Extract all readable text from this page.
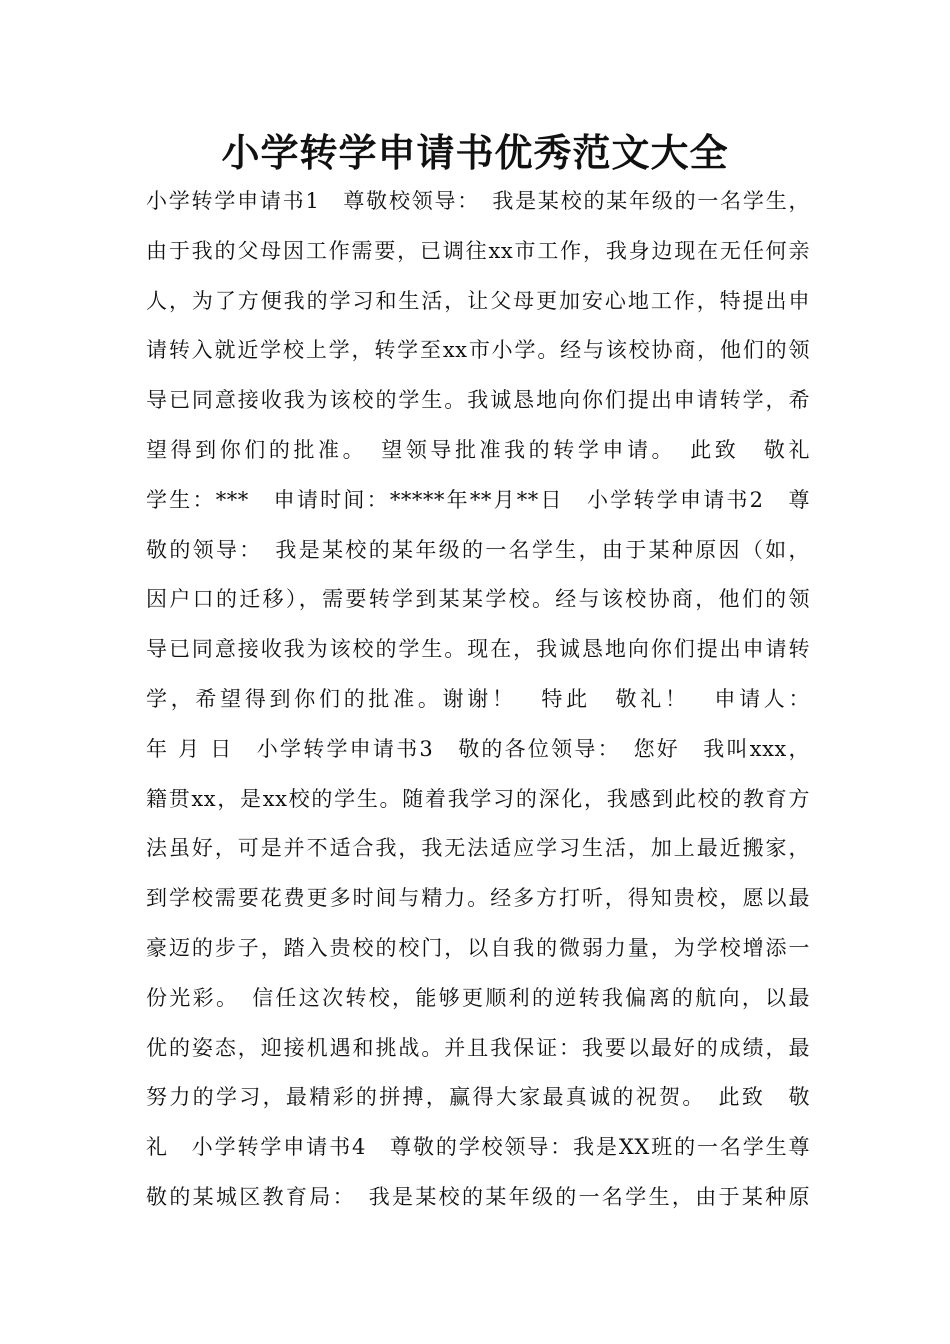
小学转学申请书优秀范文大全
小学转学申请书1　尊敬校领导：　我是某校的某年级的一名学生，
由于我的父母因工作需要，已调往xx市工作，我身边现在无任何亲
人，为了方便我的学习和生活，让父母更加安心地工作，特提出申
请转入就近学校上学，转学至xx市小学。经与该校协商，他们的领
导已同意接收我为该校的学生。我诚恳地向你们提出申请转学，希
望得到你们的批准。　望领导批准我的转学申请。　此致　敬礼
学生：***　申请时间：*****年**月**日　小学转学申请书2　尊
敬的领导：　我是某校的某年级的一名学生，由于某种原因（如，
因户口的迁移），需要转学到某某学校。经与该校协商，他们的领
导已同意接收我为该校的学生。现在，我诚恳地向你们提出申请转
学，希望得到你们的批准。谢谢！　特此　敬礼！　申请人：
年 月 日　小学转学申请书3　敬的各位领导：　您好　我叫xxx，
籍贯xx，是xx校的学生。随着我学习的深化，我感到此校的教育方
法虽好，可是并不适合我，我无法适应学习生活，加上最近搬家，
到学校需要花费更多时间与精力。经多方打听，得知贵校，愿以最
豪迈的步子，踏入贵校的校门，以自我的微弱力量，为学校增添一
份光彩。　信任这次转校，能够更顺利的逆转我偏离的航向，以最
优的姿态，迎接机遇和挑战。并且我保证：我要以最好的成绩，最
努力的学习，最精彩的拼搏，赢得大家最真诚的祝贺。　此致　敬
礼　小学转学申请书4　尊敬的学校领导：我是XX班的一名学生尊
敬的某城区教育局：　我是某校的某年级的一名学生，由于某种原
